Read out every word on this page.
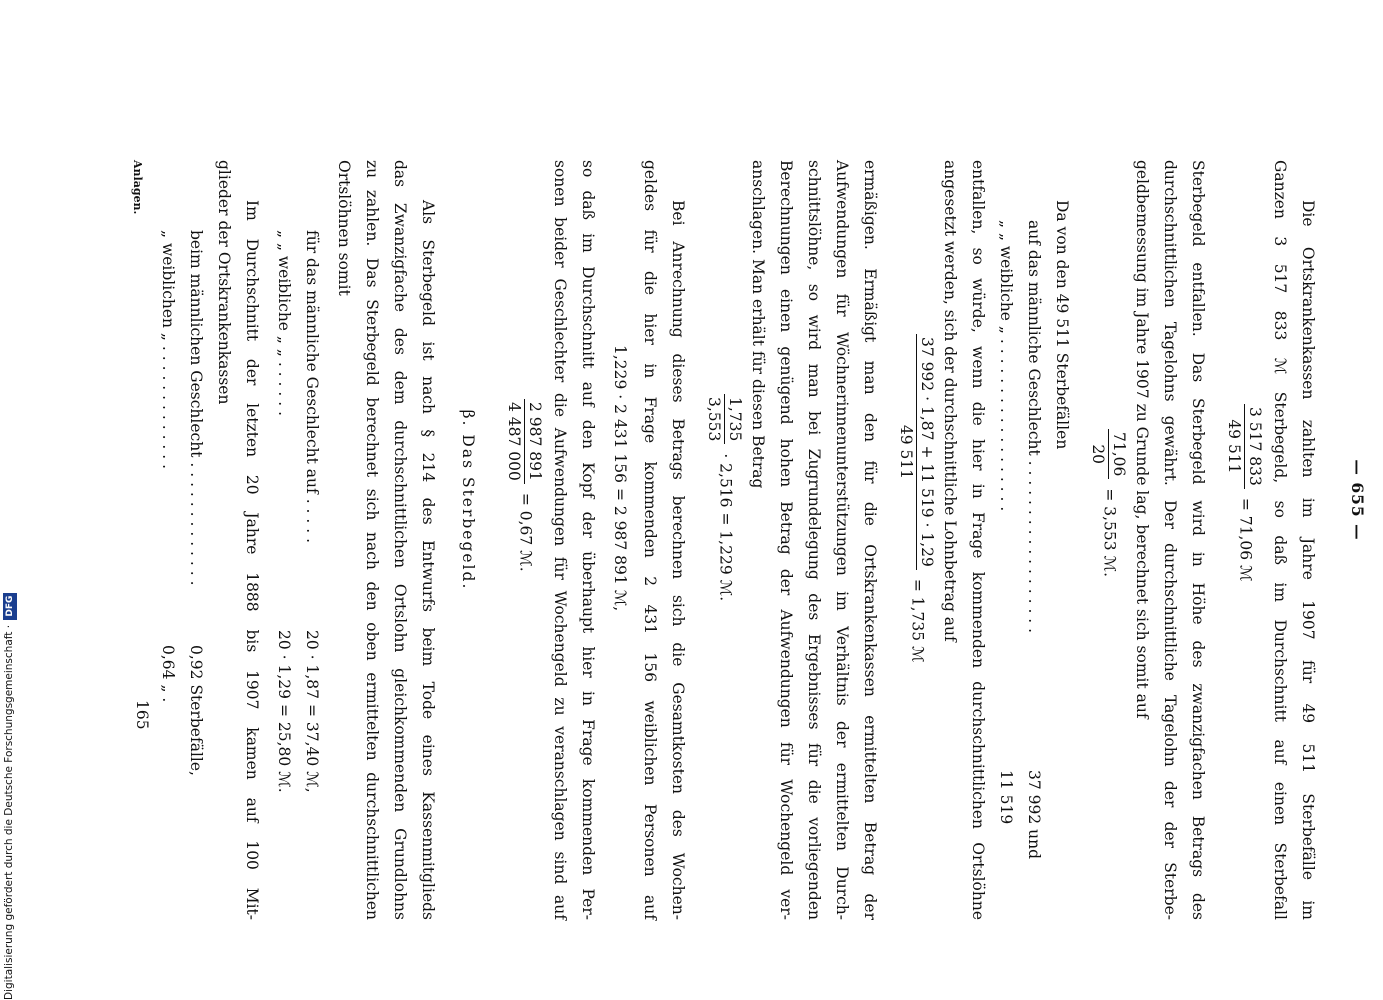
Digitalisierung gefördert durch die Deutsche Forschungsgemeinschaft · DFG
— 655 —
Die Ortskrankenkassen zahlten im Jahre 1907 für 49 511 Sterbefälle im
Ganzen 3 517 833 ℳ Sterbegeld, so daß im Durchschnitt auf einen Sterbefall
3 517 833
49 511
= 71,06 ℳ
Sterbegeld entfallen. Das Sterbegeld wird in Höhe des zwanzigfachen Betrags des
durchschnittlichen Tagelohns gewährt. Der durchschnittliche Tagelohn der der Sterbe-
geldbemessung im Jahre 1907 zu Grunde lag, berechnet sich somit auf
71,06
20
= 3,553 ℳ.
Da von den 49 511 Sterbefällen
auf das männliche Geschlecht . . . . . . . . . . . . . . . . . .
37 992 und
„ „ weibliche „ . . . . . . . . . . . . . . . . . .
11 519
entfallen, so würde, wenn die hier in Frage kommenden durchschnittlichen Ortslöhne
angesetzt werden, sich der durchschnittliche Lohnbetrag auf
37 992 · 1,87 + 11 519 · 1,29
49 511
= 1,735 ℳ
ermäßigen. Ermäßigt man den für die Ortskrankenkassen ermittelten Betrag der
Aufwendungen für Wöchnerinnenunterstützungen im Verhältnis der ermittelten Durch-
schnittslöhne, so wird man bei Zugrundelegung des Ergebnisses für die vorliegenden
Berechnungen einen genügend hohen Betrag der Aufwendungen für Wochengeld ver-
anschlagen. Man erhält für diesen Betrag
1,735
3,553
· 2,516 = 1,229 ℳ.
Bei Anrechnung dieses Betrags berechnen sich die Gesamtkosten des Wochen-
geldes für die hier in Frage kommenden 2 431 156 weiblichen Personen auf
1,229 · 2 431 156 = 2 987 891 ℳ,
so daß im Durchschnitt auf den Kopf der überhaupt hier in Frage kommenden Per-
sonen beider Geschlechter die Aufwendungen für Wochengeld zu veranschlagen sind auf
2 987 891
4 487 000
= 0,67 ℳ.
β. Das Sterbegeld.
Als Sterbegeld ist nach § 214 des Entwurfs beim Tode eines Kassenmitglieds
das Zwanzigfache des dem durchschnittlichen Ortslohn gleichkommenden Grundlohns
zu zahlen. Das Sterbegeld berechnet sich nach den oben ermittelten durchschnittlichen
Ortslöhnen somit
für das männliche Geschlecht auf . . . . .
20 · 1,87 = 37,40 ℳ,
„ „ weibliche „ „ . . . . . .
20 · 1,29 = 25,80 ℳ.
Im Durchschnitt der letzten 20 Jahre 1888 bis 1907 kamen auf 100 Mit-
glieder der Ortskrankenkassen
beim männlichen Geschlecht . . . . . . . . . . . . .
0,92 Sterbefälle,
„ weiblichen „ . . . . . . . . . . . . .
0,64 „ .
Anlagen.
165
